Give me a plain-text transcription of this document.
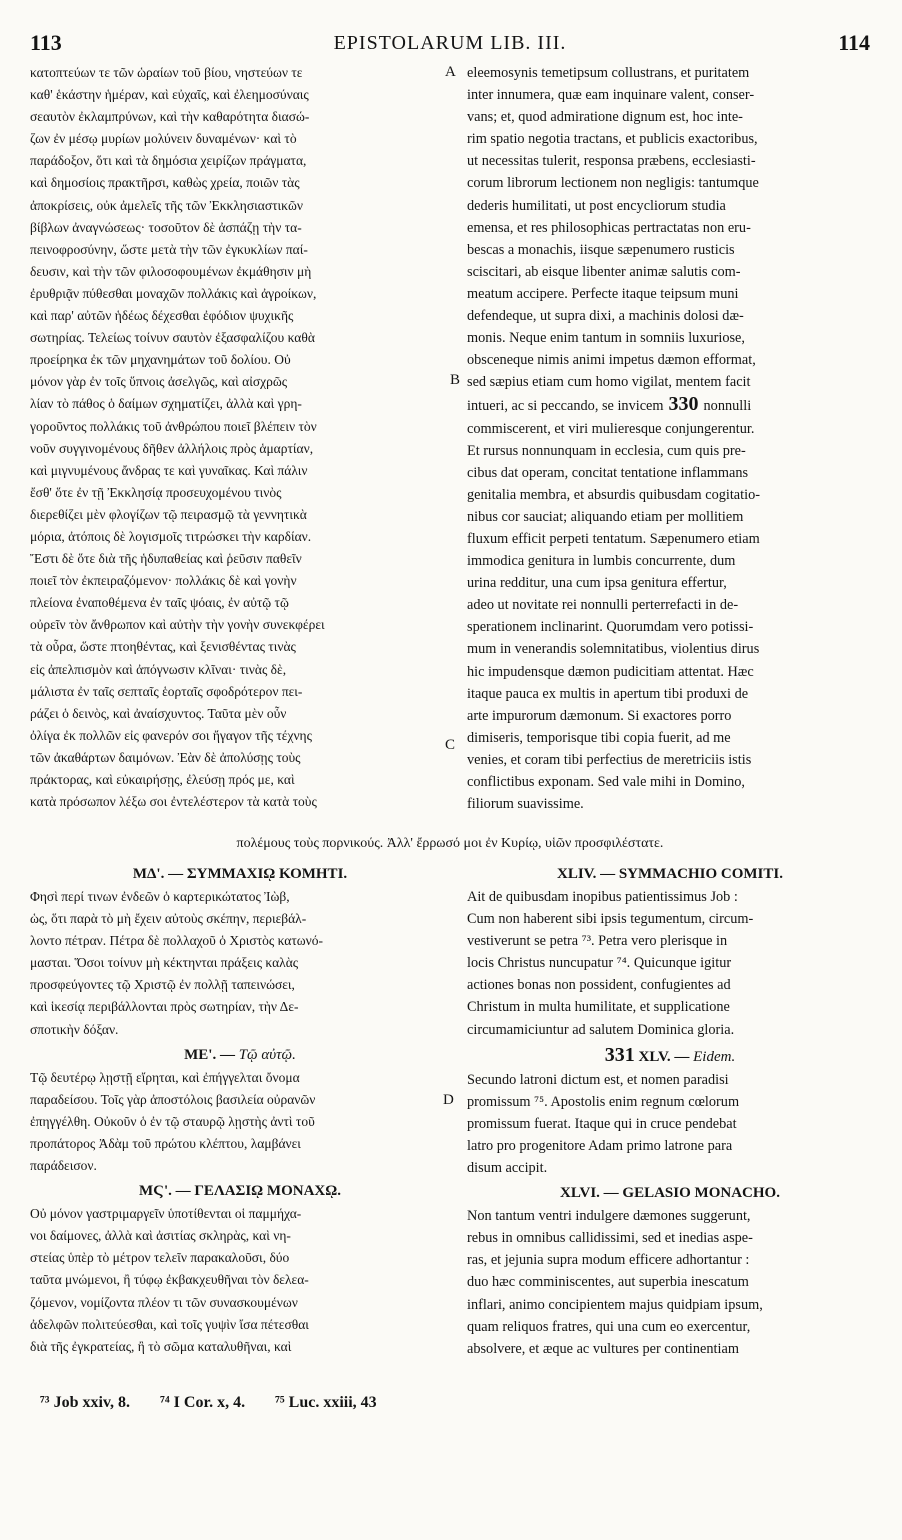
113	EPISTOLARUM LIB. III.	114
A
B
C
D
κατοπτεύων τε τῶν ὡραίων τοῦ βίου, νηστεύων τε
καθ' ἑκάστην ἡμέραν, καὶ εὐχαῖς, καὶ ἐλεημοσύναις
σεαυτὸν ἐκλαμπρύνων, καὶ τὴν καθαρότητα διασώ-
ζων ἐν μέσῳ μυρίων μολύνειν δυναμένων· καὶ τὸ
παράδοξον, ὅτι καὶ τὰ δημόσια χειρίζων πράγματα,
καὶ δημοσίοις πρακτῆρσι, καθὼς χρεία, ποιῶν τὰς
ἀποκρίσεις, οὐκ ἀμελεῖς τῆς τῶν Ἐκκλησιαστικῶν
βίβλων ἀναγνώσεως· τοσοῦτον δὲ ἀσπάζῃ τὴν τα-
πεινοφροσύνην, ὥστε μετὰ τὴν τῶν ἐγκυκλίων παί-
δευσιν, καὶ τὴν τῶν φιλοσοφουμένων ἐκμάθησιν μὴ
ἐρυθριᾷν πύθεσθαι μοναχῶν πολλάκις καὶ ἀγροίκων,
καὶ παρ' αὐτῶν ἡδέως δέχεσθαι ἐφόδιον ψυχικῆς
σωτηρίας. Τελείως τοίνυν σαυτὸν ἐξασφαλίζου καθὰ
προείρηκα ἐκ τῶν μηχανημάτων τοῦ δολίου. Οὐ
μόνον γὰρ ἐν τοῖς ὕπνοις ἀσελγῶς, καὶ αἰσχρῶς
λίαν τὸ πάθος ὁ δαίμων σχηματίζει, ἀλλὰ καὶ γρη-
γοροῦντος πολλάκις τοῦ ἀνθρώπου ποιεῖ βλέπειν τὸν
νοῦν συγγινομένους δῆθεν ἀλλήλοις πρὸς ἁμαρτίαν,
καὶ μιγνυμένους ἄνδρας τε καὶ γυναῖκας. Καὶ πάλιν
ἔσθ' ὅτε ἐν τῇ Ἐκκλησίᾳ προσευχομένου τινὸς
διερεθίζει μὲν φλογίζων τῷ πειρασμῷ τὰ γεννητικὰ
μόρια, ἀτόποις δὲ λογισμοῖς τιτρώσκει τὴν καρδίαν.
Ἔστι δὲ ὅτε διὰ τῆς ἡδυπαθείας καὶ ῥεῦσιν παθεῖν
ποιεῖ τὸν ἐκπειραζόμενον· πολλάκις δὲ καὶ γονὴν
πλείονα ἐναποθέμενα ἐν ταῖς ψόαις, ἐν αὐτῷ τῷ
οὐρεῖν τὸν ἄνθρωπον καὶ αὐτὴν τὴν γονὴν συνεκφέρει
τὰ οὖρα, ὥστε πτοηθέντας, καὶ ξενισθέντας τινὰς
εἰς ἀπελπισμὸν καὶ ἀπόγνωσιν κλῖναι· τινὰς δὲ,
μάλιστα ἐν ταῖς σεπταῖς ἑορταῖς σφοδρότερον πει-
ράζει ὁ δεινὸς, καὶ ἀναίσχυντος. Ταῦτα μὲν οὖν
ὀλίγα ἐκ πολλῶν εἰς φανερόν σοι ἤγαγον τῆς τέχνης
τῶν ἀκαθάρτων δαιμόνων. Ἐὰν δὲ ἀπολύσῃς τοὺς
πράκτορας, καὶ εὐκαιρήσῃς, ἐλεύσῃ πρός με, καὶ
κατὰ πρόσωπον λέξω σοι ἐντελέστερον τὰ κατὰ τοὺς
πολέμους τοὺς πορνικούς. Ἀλλ' ἔρρωσό μοι ἐν Κυρίῳ, υἱῶν προσφιλέστατε.
ΜΔ'. — ΣΥΜΜΑΧΙῼ ΚΟΜΗΤΙ.
Φησὶ περί τινων ἐνδεῶν ὁ καρτερικώτατος Ἰὼβ,
ὡς, ὅτι παρὰ τὸ μὴ ἔχειν αὐτοὺς σκέπην, περιεβάλ-
λοντο πέτραν. Πέτρα δὲ πολλαχοῦ ὁ Χριστὸς κατωνό-
μασται. Ὅσοι τοίνυν μὴ κέκτηνται πράξεις καλὰς
προσφεύγοντες τῷ Χριστῷ ἐν πολλῇ ταπεινώσει,
καὶ ἱκεσίᾳ περιβάλλονται πρὸς σωτηρίαν, τὴν Δε-
σποτικὴν δόξαν.
ΜΕ'. — Τῷ αὐτῷ.
Τῷ δευτέρῳ λῃστῇ εἴρηται, καὶ ἐπήγγελται ὄνομα
παραδείσου. Τοῖς γὰρ ἀποστόλοις βασιλεία οὐρανῶν
ἐπηγγέλθη. Οὐκοῦν ὁ ἐν τῷ σταυρῷ λῃστὴς ἀντὶ τοῦ
προπάτορος Ἀδὰμ τοῦ πρώτου κλέπτου, λαμβάνει
παράδεισον.
ΜϚ'. — ΓΕΛΑΣΙῼ ΜΟΝΑΧῼ.
Οὐ μόνον γαστριμαργεῖν ὑποτίθενται οἱ παμμήχα-
νοι δαίμονες, ἀλλὰ καὶ ἀσιτίας σκληρὰς, καὶ νη-
στείας ὑπὲρ τὸ μέτρον τελεῖν παρακαλοῦσι, δύο
ταῦτα μνώμενοι, ἢ τύφῳ ἐκβακχευθῆναι τὸν δελεα-
ζόμενον, νομίζοντα πλέον τι τῶν συνασκουμένων
ἀδελφῶν πολιτεύεσθαι, καὶ τοῖς γυψὶν ἴσα πέτεσθαι
διὰ τῆς ἐγκρατείας, ἢ τὸ σῶμα καταλυθῆναι, καὶ
eleemosynis temetipsum collustrans, et puritatem
inter innumera, quæ eam inquinare valent, conser-
vans; et, quod admiratione dignum est, hoc inte-
rim spatio negotia tractans, et publicis exactoribus,
ut necessitas tulerit, responsa præbens, ecclesiasti-
corum librorum lectionem non negligis: tantumque
dederis humilitati, ut post encycliorum studia
emensa, et res philosophicas pertractatas non eru-
bescas a monachis, iisque sæpenumero rusticis
sciscitari, ab eisque libenter animæ salutis com-
meatum accipere. Perfecte itaque teipsum muni
defendeque, ut supra dixi, a machinis dolosi dæ-
monis. Neque enim tantum in somniis luxuriose,
obsceneque nimis animi impetus dæmon efformat,
sed sæpius etiam cum homo vigilat, mentem facit
intueri, ac si peccando, se invicem 330 nonnulli
commiscerent, et viri mulieresque conjungerentur.
Et rursus nonnunquam in ecclesia, cum quis pre-
cibus dat operam, concitat tentatione inflammans
genitalia membra, et absurdis quibusdam cogitatio-
nibus cor sauciat; aliquando etiam per mollitiem
fluxum efficit perpeti tentatum. Sæpenumero etiam
immodica genitura in lumbis concurrente, dum
urina redditur, una cum ipsa genitura effertur,
adeo ut novitate rei nonnulli perterrefacti in de-
sperationem inclinarint. Quorumdam vero potissi-
mum in venerandis solemnitatibus, violentius dirus
hic impudensque dæmon pudicitiam attentat. Hæc
itaque pauca ex multis in apertum tibi produxi de
arte impurorum dæmonum. Si exactores porro
dimiseris, temporisque tibi copia fuerit, ad me
venies, et coram tibi perfectius de meretriciis istis
conflictibus exponam. Sed vale mihi in Domino,
filiorum suavissime.
XLIV. — SYMMACHIO COMITI.
Ait de quibusdam inopibus patientissimus Job :
Cum non haberent sibi ipsis tegumentum, circum-
vestiverunt se petra ⁷³. Petra vero plerisque in
locis Christus nuncupatur ⁷⁴. Quicunque igitur
actiones bonas non possident, confugientes ad
Christum in multa humilitate, et supplicatione
circumamiciuntur ad salutem Dominica gloria.
331 XLV. — Eidem.
Secundo latroni dictum est, et nomen paradisi
promissum ⁷⁵. Apostolis enim regnum cœlorum
promissum fuerat. Itaque qui in cruce pendebat
latro pro progenitore Adam primo latrone para
disum accipit.
XLVI. — GELASIO MONACHO.
Non tantum ventri indulgere dæmones suggerunt,
rebus in omnibus callidissimi, sed et inedias aspe-
ras, et jejunia supra modum efficere adhortantur :
duo hæc comminiscentes, aut superbia inescatum
inflari, animo concipientem majus quidpiam ipsum,
quam reliquos fratres, qui una cum eo exercentur,
absolvere, et æque ac vultures per continentiam
⁷³ Job xxiv, 8. ⁷⁴ I Cor. x, 4. ⁷⁵ Luc. xxiii, 43
